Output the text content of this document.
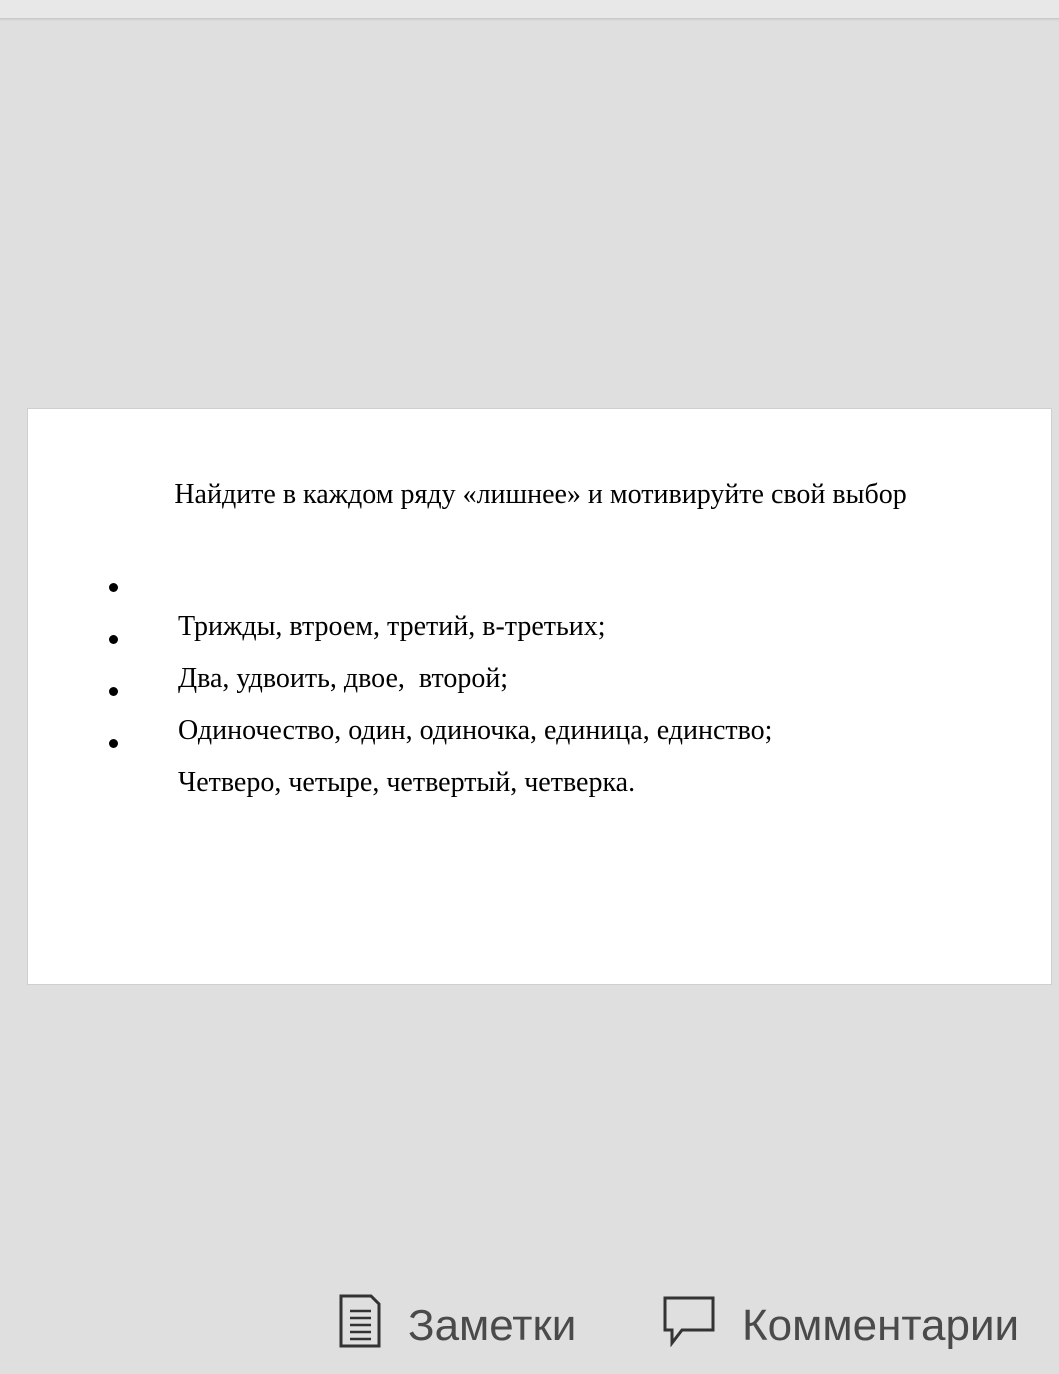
Найдите в каждом ряду «лишнее» и мотивируйте свой выбор

Трижды, втроем, третий, в-третьих;

Два, удвоить, двое,  второй;

Одиночество, один, одиночка, единица, единство;

Четверо, четыре, четвертый, четверка.

Заметки	Комментарии
